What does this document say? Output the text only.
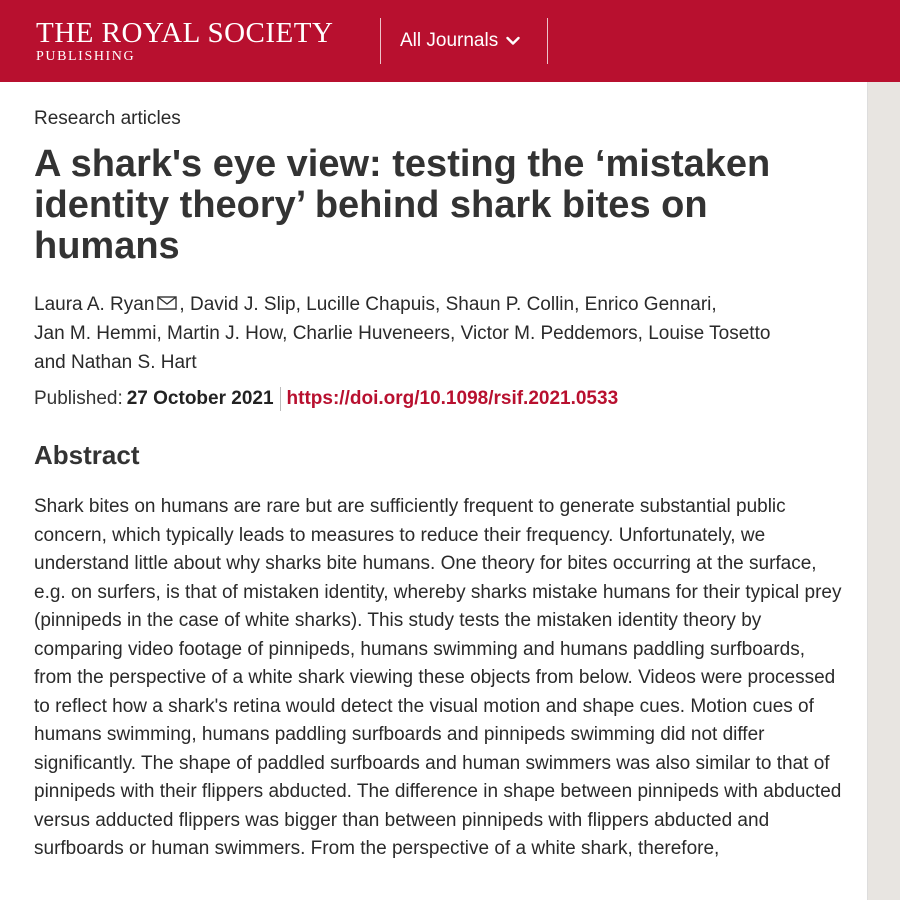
THE ROYAL SOCIETY
PUBLISHING
All Journals
Research articles
A shark's eye view: testing the ‘mistaken identity theory’ behind shark bites on humans
Laura A. Ryan , David J. Slip, Lucille Chapuis, Shaun P. Collin, Enrico Gennari,
Jan M. Hemmi, Martin J. How, Charlie Huveneers, Victor M. Peddemors, Louise Tosetto
and Nathan S. Hart
Published: 27 October 2021 https://doi.org/10.1098/rsif.2021.0533
Abstract

Shark bites on humans are rare but are sufficiently frequent to generate substantial public concern, which typically leads to measures to reduce their frequency. Unfortunately, we understand little about why sharks bite humans. One theory for bites occurring at the surface, e.g. on surfers, is that of mistaken identity, whereby sharks mistake humans for their typical prey (pinnipeds in the case of white sharks). This study tests the mistaken identity theory by comparing video footage of pinnipeds, humans swimming and humans paddling surfboards, from the perspective of a white shark viewing these objects from below. Videos were processed to reflect how a shark's retina would detect the visual motion and shape cues. Motion cues of humans swimming, humans paddling surfboards and pinnipeds swimming did not differ significantly. The shape of paddled surfboards and human swimmers was also similar to that of pinnipeds with their flippers abducted. The difference in shape between pinnipeds with abducted versus adducted flippers was bigger than between pinnipeds with flippers abducted and surfboards or human swimmers. From the perspective of a white shark, therefore,
